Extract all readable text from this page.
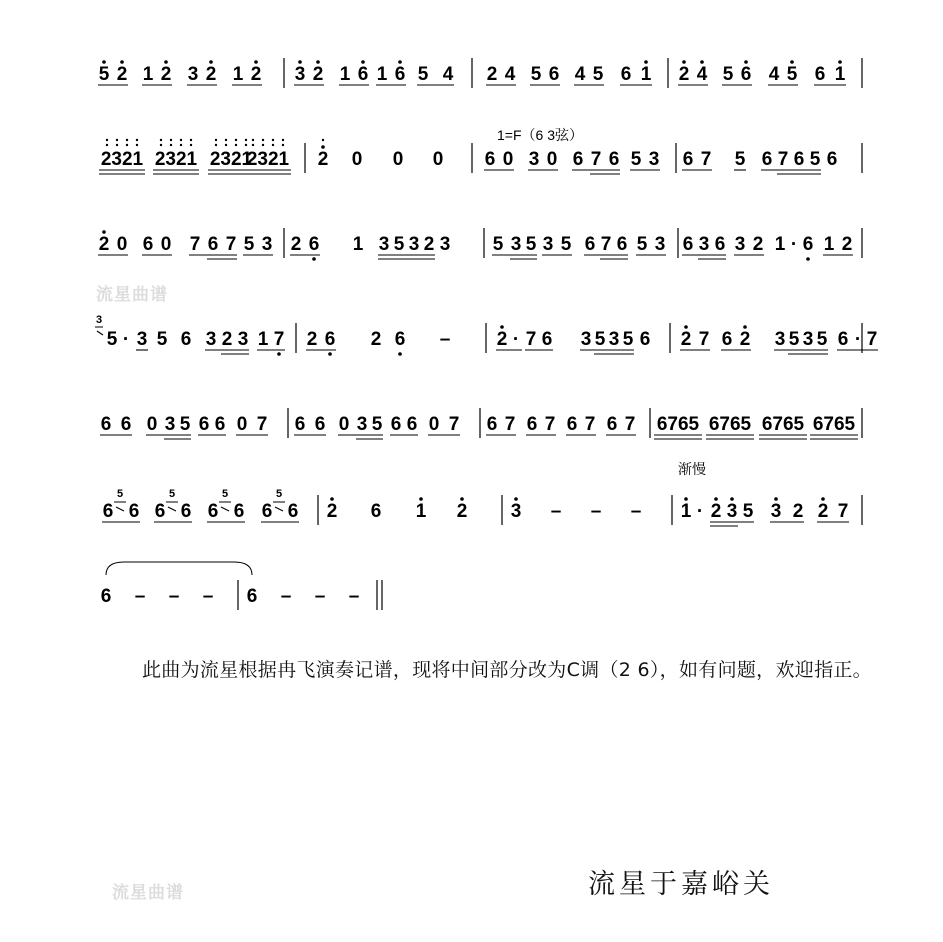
5 2 1 2 3 2 1 2 3 2 1 6 1 6 5 4 2 4 5 6 4 5 6 1 2 4 5 6 4 5 6 1
2321 2321 2321
2321 2 0 0 0 6 0 3 0 6 7 6 5 3
1=F（6 3弦）
6 7 5 6 7 6 5 6
2 0 6 0 7 6 7 5 3 2 6 1 3 5 3 2 3 5 3 5 3 5 6 7 6 5 3 6 3 6 3 2 1 · 6 1 2
5 · 3 5 6 3 2 3 1 7
3
2 6 2 6 – 2 · 7 6 3 5 3 5 6 2 7 6 2 3 5 3 5 6 · 7
6 6 0 3 5 6 6 0 7 6 6 0 3 5 6 6 0 7 6 7 6 7 6 7 6 7 6765 6765 6765 6765
6 6
5
6 6
5
6 6
5
6 6
5
2 6 1 2 3 – – – 1 · 2 3 5 3 2 2 7
渐慢
6 – – – 6 – – –
此曲为流星根据冉飞演奏记谱，现将中间部分改为C调（2 6），如有问题，欢迎指正。
流星曲谱
流星曲谱	流星于嘉峪关
